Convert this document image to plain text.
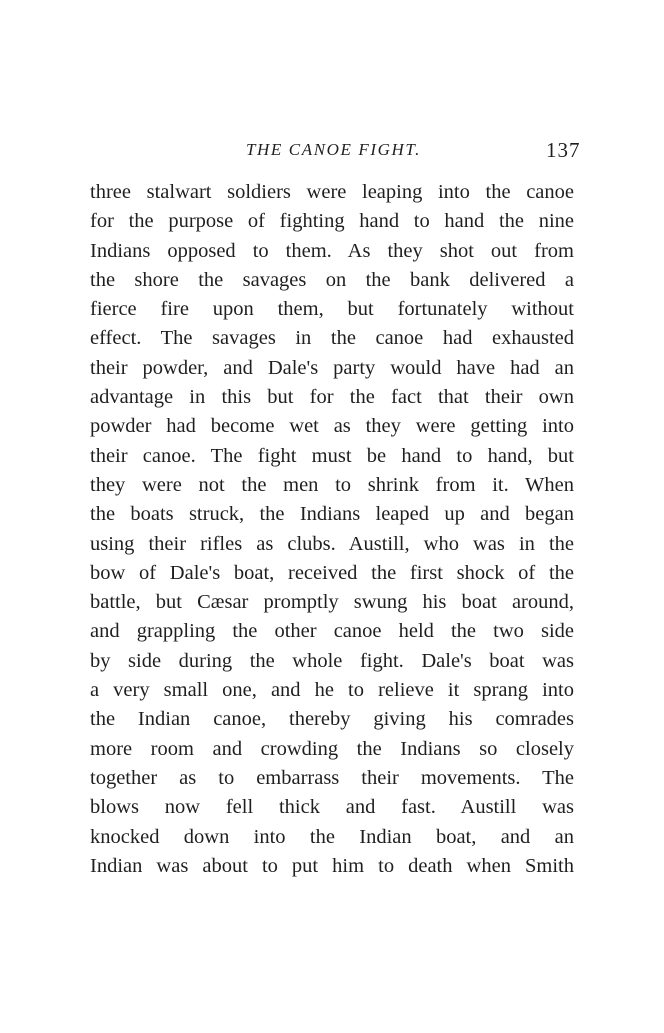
THE CANOE FIGHT.	137
three stalwart soldiers were leaping into the canoe
for the purpose of fighting hand to hand the nine
Indians opposed to them. As they shot out from
the shore the savages on the bank delivered a
fierce fire upon them, but fortunately without
effect. The savages in the canoe had exhausted
their powder, and Dale's party would have had an
advantage in this but for the fact that their own
powder had become wet as they were getting into
their canoe. The fight must be hand to hand, but
they were not the men to shrink from it. When
the boats struck, the Indians leaped up and began
using their rifles as clubs. Austill, who was in the
bow of Dale's boat, received the first shock of the
battle, but Cæsar promptly swung his boat around,
and grappling the other canoe held the two side
by side during the whole fight. Dale's boat was
a very small one, and he to relieve it sprang into
the Indian canoe, thereby giving his comrades
more room and crowding the Indians so closely
together as to embarrass their movements. The
blows now fell thick and fast. Austill was
knocked down into the Indian boat, and an
Indian was about to put him to death when Smith
